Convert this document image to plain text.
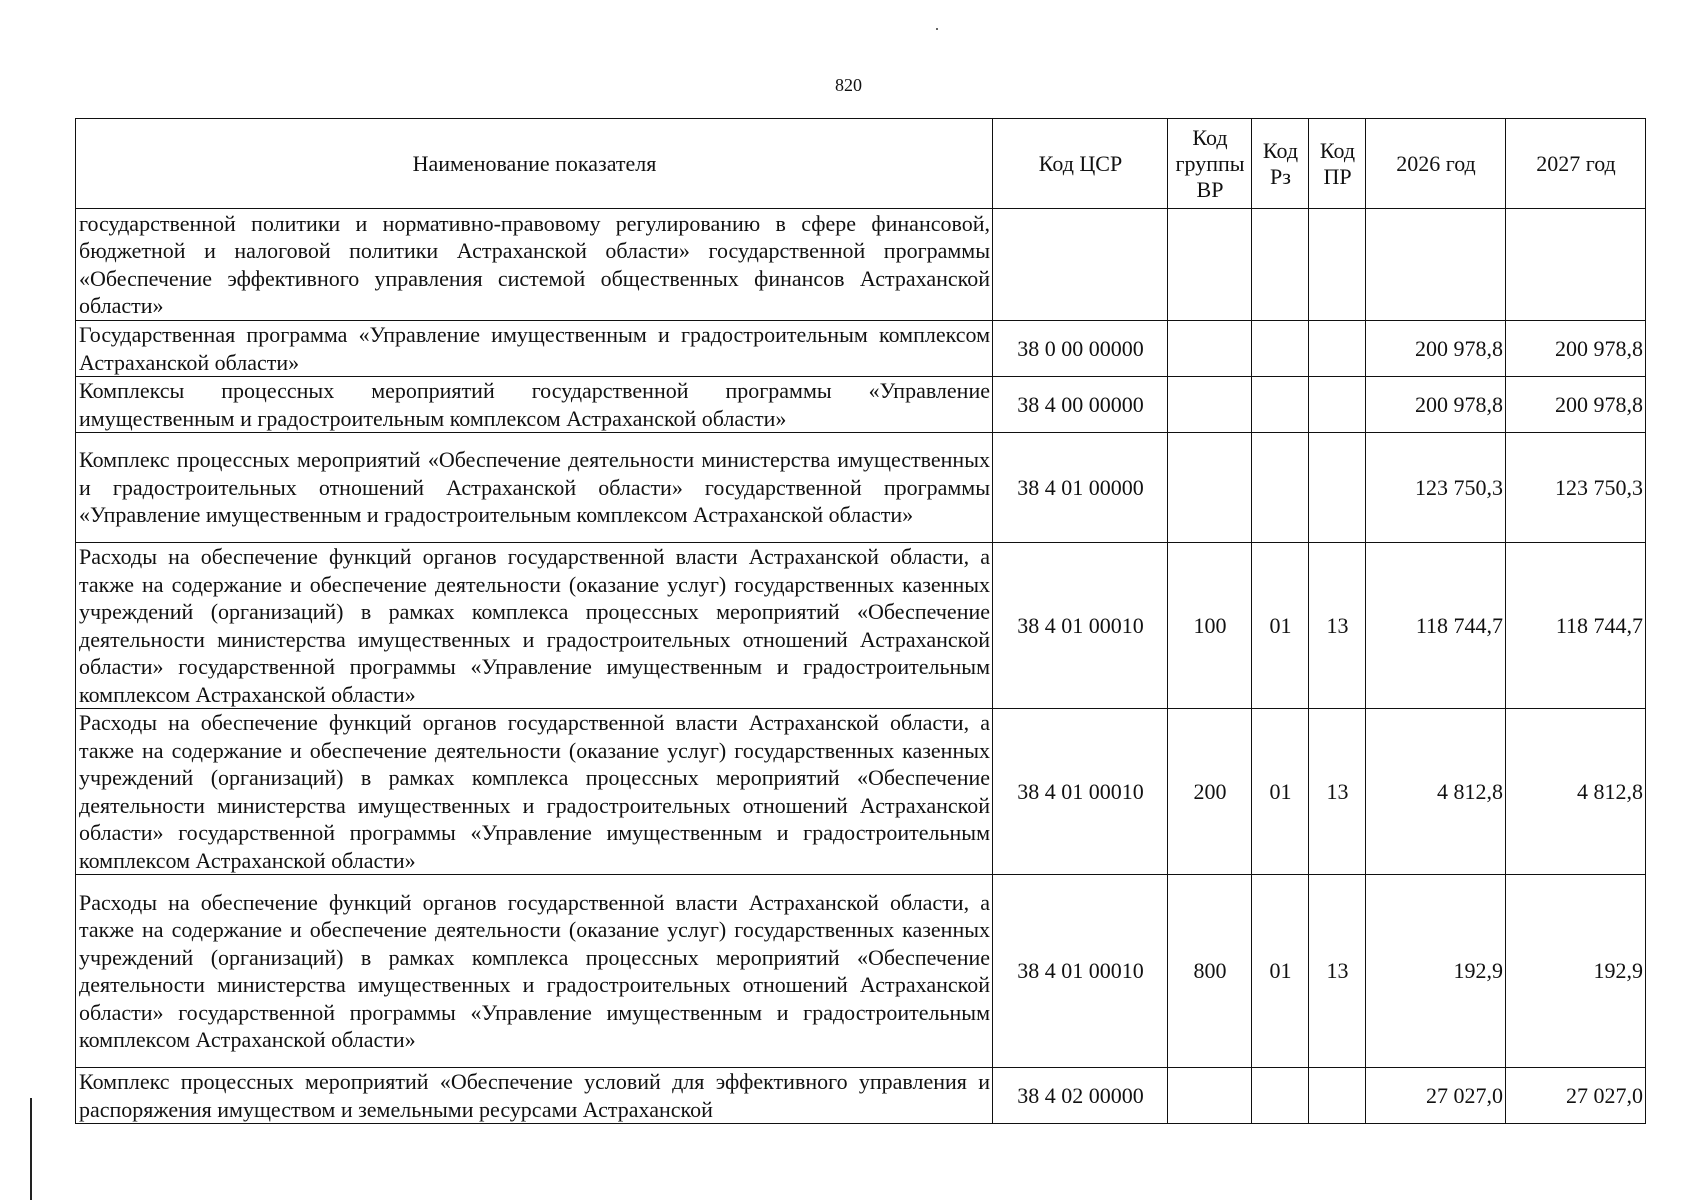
820
Наименование показателя	Код ЦСР	Код группы ВР	Код Рз	Код ПР	2026 год	2027 год
государственной политики и нормативно-правовому регулированию в сфере финансовой, бюджетной и налоговой политики Астраханской области» государственной программы «Обеспечение эффективного управления системой общественных финансов Астраханской области»						
Государственная программа «Управление имущественным и градостроительным комплексом Астраханской области»	38 0 00 00000				200 978,8	200 978,8
Комплексы процессных мероприятий государственной программы «Управление имущественным и градостроительным комплексом Астраханской области»	38 4 00 00000				200 978,8	200 978,8
Комплекс процессных мероприятий «Обеспечение деятельности министерства имущественных и градостроительных отношений Астраханской области» государственной программы «Управление имущественным и градостроительным комплексом Астраханской области»	38 4 01 00000				123 750,3	123 750,3
Расходы на обеспечение функций органов государственной власти Астраханской области, а также на содержание и обеспечение деятельности (оказание услуг) государственных казенных учреждений (организаций) в рамках комплекса процессных мероприятий «Обеспечение деятельности министерства имущественных и градостроительных отношений Астраханской области» государственной программы «Управление имущественным и градостроительным комплексом Астраханской области»	38 4 01 00010	100	01	13	118 744,7	118 744,7
Расходы на обеспечение функций органов государственной власти Астраханской области, а также на содержание и обеспечение деятельности (оказание услуг) государственных казенных учреждений (организаций) в рамках комплекса процессных мероприятий «Обеспечение деятельности министерства имущественных и градостроительных отношений Астраханской области» государственной программы «Управление имущественным и градостроительным комплексом Астраханской области»	38 4 01 00010	200	01	13	4 812,8	4 812,8
Расходы на обеспечение функций органов государственной власти Астраханской области, а также на содержание и обеспечение деятельности (оказание услуг) государственных казенных учреждений (организаций) в рамках комплекса процессных мероприятий «Обеспечение деятельности министерства имущественных и градостроительных отношений Астраханской области» государственной программы «Управление имущественным и градостроительным комплексом Астраханской области»	38 4 01 00010	800	01	13	192,9	192,9
Комплекс процессных мероприятий «Обеспечение условий для эффективного управления и распоряжения имуществом и земельными ресурсами Астраханской	38 4 02 00000				27 027,0	27 027,0
